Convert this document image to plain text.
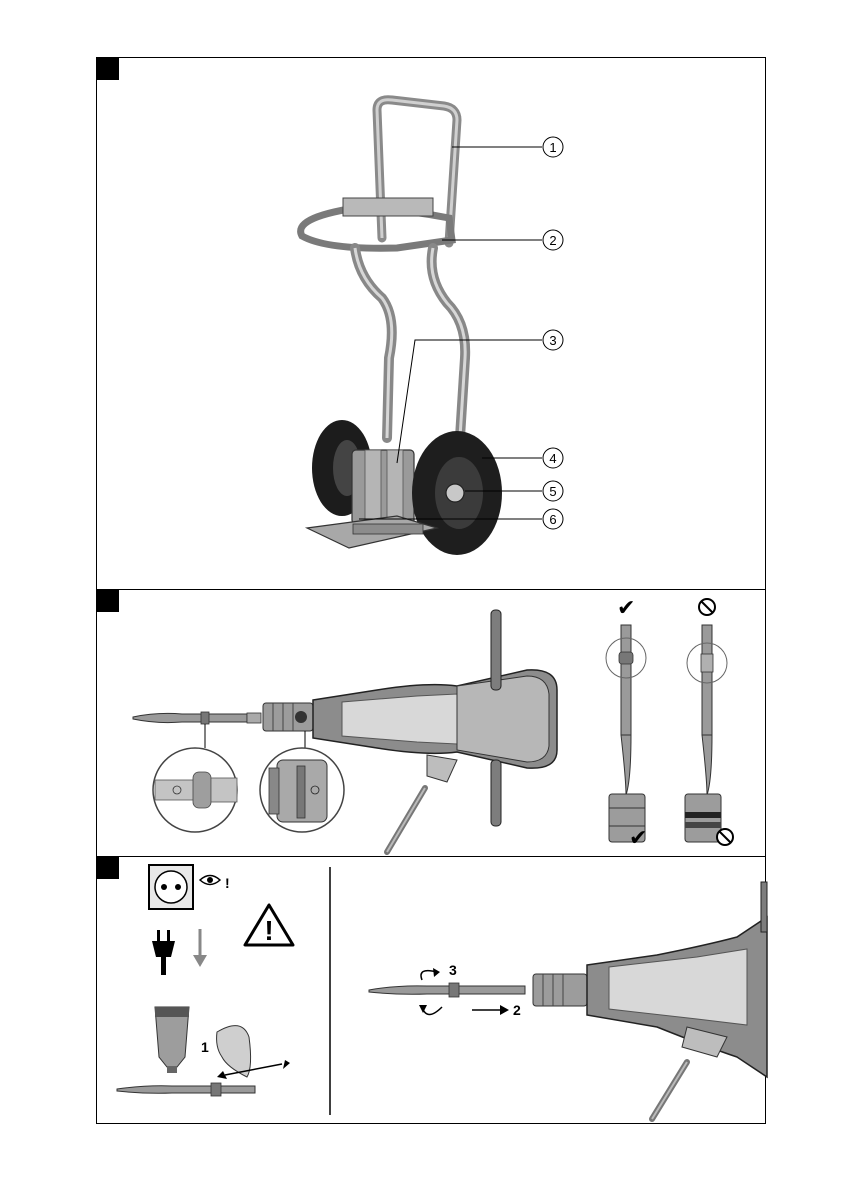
1
2
3
4
5
6
✔
✔
!
!
1
3
2
